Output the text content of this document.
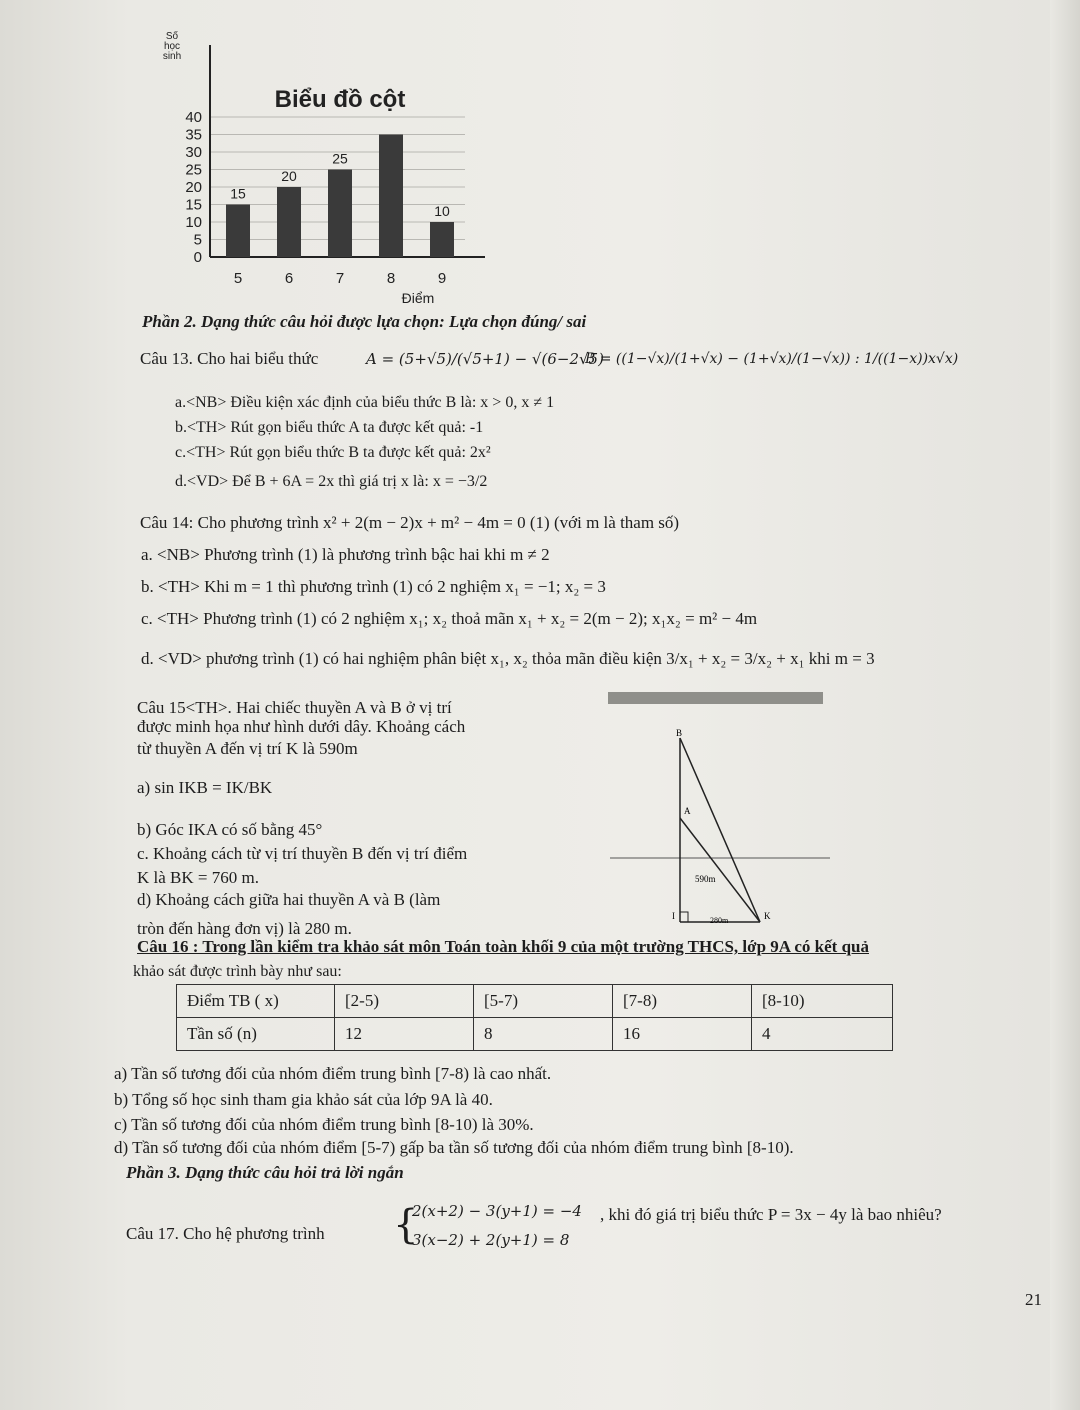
Số
học
sinh
Biểu đồ cột
0
5
10
15
20
25
30
35
40
15
20
25
10
5	6	7	8	9
Điểm
Phần 2. Dạng thức câu hỏi được lựa chọn: Lựa chọn đúng/ sai
Câu 13. Cho hai biểu thức	A = (5+√5)/(√5+1) − √(6−2√5)
B = ((1−√x)/(1+√x) − (1+√x)/(1−√x)) : 1/((1−x))x√x)
a.<NB> Điều kiện xác định của biểu thức B là: x > 0, x ≠ 1
b.<TH> Rút gọn biểu thức A ta được kết quả: -1
c.<TH> Rút gọn biểu thức B ta được kết quả: 2x²
d.<VD> Để B + 6A = 2x thì giá trị x là: x = −3/2
Câu 14: Cho phương trình x² + 2(m − 2)x + m² − 4m = 0 (1) (với m là tham số)
a. <NB> Phương trình (1) là phương trình bậc hai khi m ≠ 2
b. <TH> Khi m = 1 thì phương trình (1) có 2 nghiệm x₁ = −1; x₂ = 3
c. <TH> Phương trình (1) có 2 nghiệm x₁; x₂ thoả mãn x₁ + x₂ = 2(m − 2); x₁x₂ = m² − 4m
d. <VD> phương trình (1) có hai nghiệm phân biệt x₁, x₂ thỏa mãn điều kiện 3/x₁ + x₂ = 3/x₂ + x₁ khi m = 3
Câu 15<TH>. Hai chiếc thuyền A và B ở vị trí
được minh họa như hình dưới dây. Khoảng cách
từ thuyền A đến vị trí K là 590m
a) sin IKB = IK/BK
b) Góc IKA có số bằng 45°
c. Khoảng cách từ vị trí thuyền B đến vị trí điểm
K là BK = 760 m.
d) Khoảng cách giữa hai thuyền A và B (làm
tròn đến hàng đơn vị) là 280 m.
B
A
590m
I	280m	K
Câu 16 : Trong lần kiểm tra khảo sát môn Toán toàn khối 9 của một trường THCS, lớp 9A có kết quả
khảo sát được trình bày như sau:
Điểm TB ( x)	[2-5)	[5-7)	[7-8)	[8-10)
Tần số (n)	12	8	16	4
a) Tần số tương đối của nhóm điểm trung bình [7-8) là cao nhất.
b) Tổng số học sinh tham gia khảo sát của lớp 9A là 40.
c) Tần số tương đối của nhóm điểm trung bình [8-10) là 30%.
d) Tần số tương đối của nhóm điểm [5-7) gấp ba tần số tương đối của nhóm điểm trung bình [8-10).
Phần 3. Dạng thức câu hỏi trả lời ngắn
Câu 17. Cho hệ phương trình {
2(x+2) − 3(y+1) = −4
3(x−2) + 2(y+1) = 8
, khi đó giá trị biểu thức P = 3x − 4y là bao nhiêu?
21
